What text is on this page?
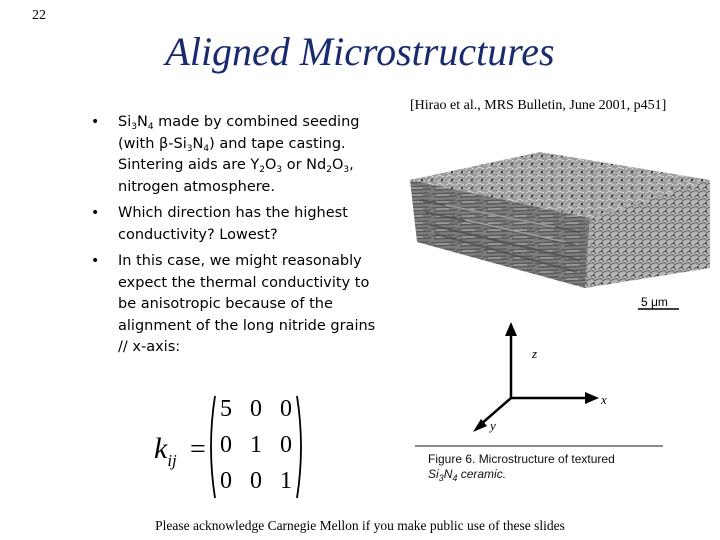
22
Aligned Microstructures
[Hirao et al., MRS Bulletin, June 2001, p451]
• $Si_3N_4$ made by combined seeding (with $\beta-Si_3N_4$) and tape casting. Sintering aids are $Y_2O_3$ or $Nd_2O_3$, nitrogen atmosphere.
• Which direction has the highest conductivity? Lowest?
• In this case, we might reasonably expect the thermal conductivity to be anisotropic because of the alignment of the long nitride grains // x-axis:
$k_{ij}$ =
5 0 0
0 1 0
0 0 1
5 μm
z
x
y
Figure 6. Microstructure of textured
$Si_3N_4$ ceramic.
Please acknowledge Carnegie Mellon if you make public use of these slides
